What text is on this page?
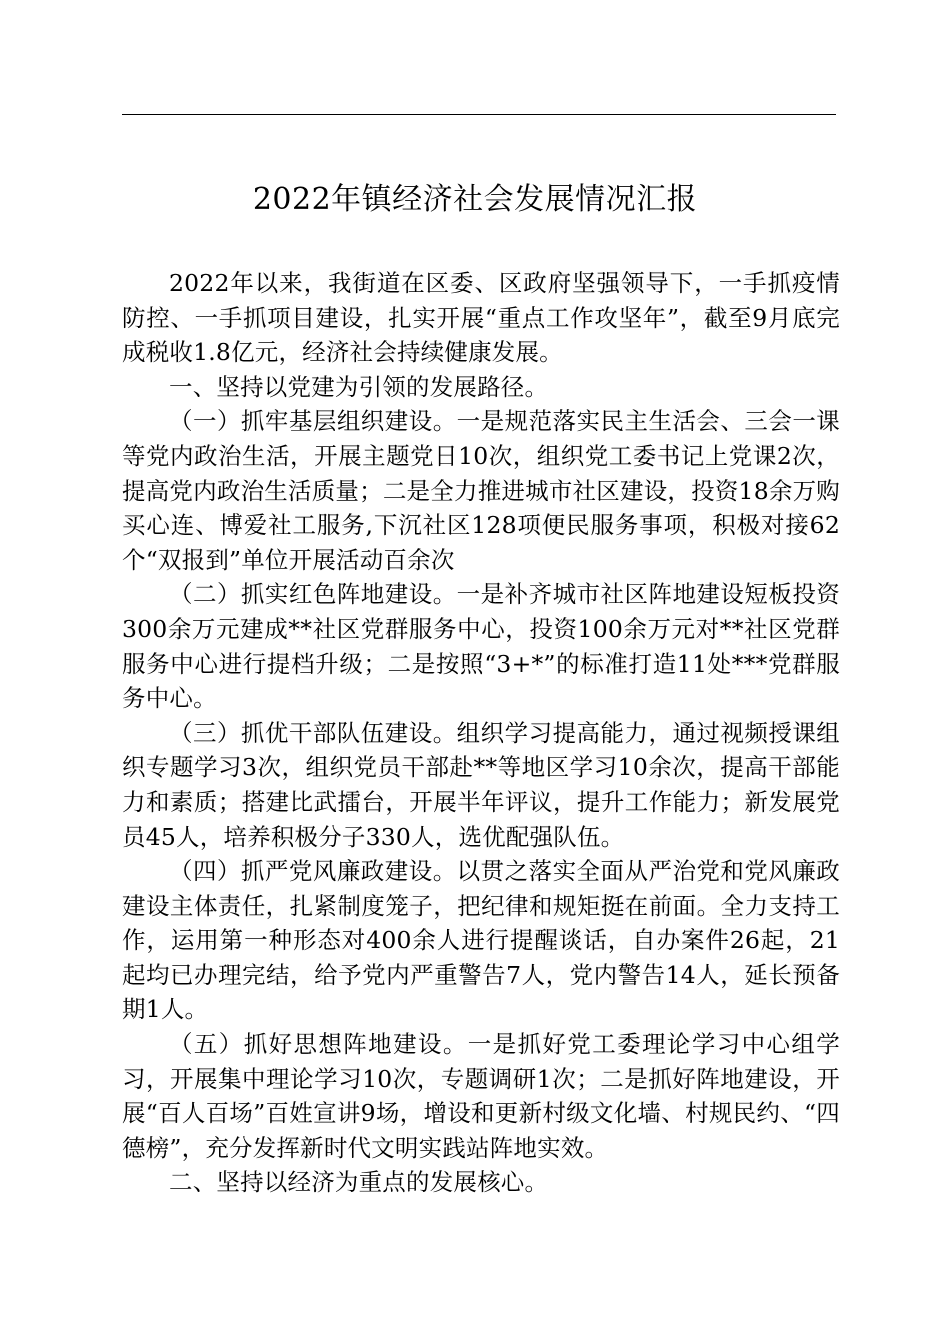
2022年镇经济社会发展情况汇报

2022年以来，我街道在区委、区政府坚强领导下，一手抓疫情防控、一手抓项目建设，扎实开展“重点工作攻坚年”，截至9月底完成税收1.8亿元，经济社会持续健康发展。

一、坚持以党建为引领的发展路径。

（一）抓牢基层组织建设。一是规范落实民主生活会、三会一课等党内政治生活，开展主题党日10次，组织党工委书记上党课2次，提高党内政治生活质量；二是全力推进城市社区建设，投资18余万购买心连、博爱社工服务,下沉社区128项便民服务事项，积极对接62个“双报到”单位开展活动百余次

（二）抓实红色阵地建设。一是补齐城市社区阵地建设短板投资300余万元建成**社区党群服务中心，投资100余万元对**社区党群服务中心进行提档升级；二是按照“3+*”的标准打造11处***党群服务中心。

（三）抓优干部队伍建设。组织学习提高能力，通过视频授课组织专题学习3次，组织党员干部赴**等地区学习10余次，提高干部能力和素质；搭建比武擂台，开展半年评议，提升工作能力；新发展党员45人，培养积极分子330人，选优配强队伍。

（四）抓严党风廉政建设。以贯之落实全面从严治党和党风廉政建设主体责任，扎紧制度笼子，把纪律和规矩挺在前面。全力支持工作，运用第一种形态对400余人进行提醒谈话，自办案件26起，21起均已办理完结，给予党内严重警告7人，党内警告14人，延长预备期1人。

（五）抓好思想阵地建设。一是抓好党工委理论学习中心组学习，开展集中理论学习10次，专题调研1次；二是抓好阵地建设，开展“百人百场”百姓宣讲9场，增设和更新村级文化墙、村规民约、“四德榜”，充分发挥新时代文明实践站阵地实效。

二、坚持以经济为重点的发展核心。
